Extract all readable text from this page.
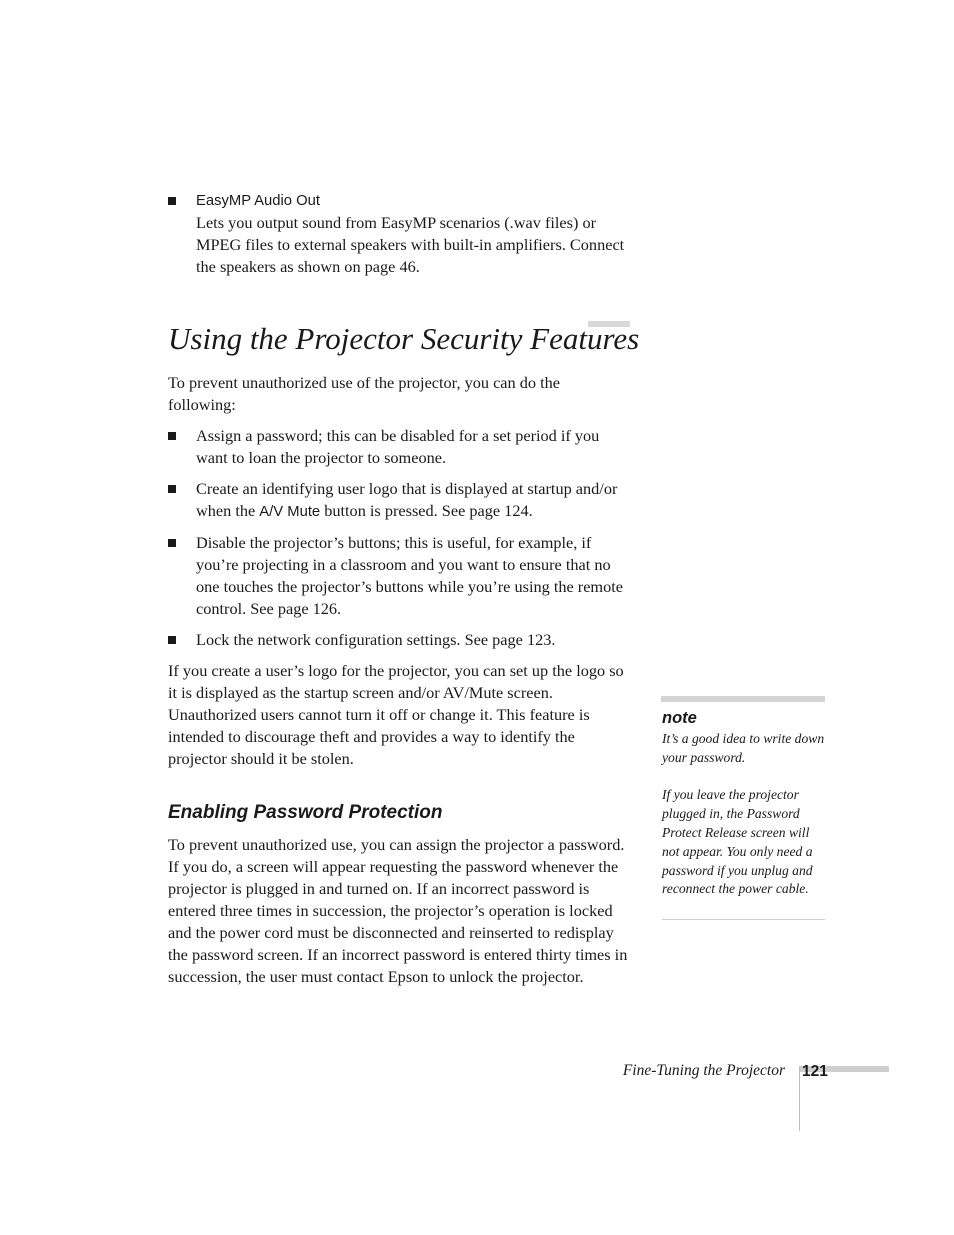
EasyMP Audio Out
Lets you output sound from EasyMP scenarios (.wav files) or MPEG files to external speakers with built-in amplifiers. Connect the speakers as shown on page 46.
Using the Projector Security Features

To prevent unauthorized use of the projector, you can do the following:

Assign a password; this can be disabled for a set period if you want to loan the projector to someone.
Create an identifying user logo that is displayed at startup and/or when the A/V Mute button is pressed. See page 124.
Disable the projector’s buttons; this is useful, for example, if you’re projecting in a classroom and you want to ensure that no one touches the projector’s buttons while you’re using the remote control. See page 126.
Lock the network configuration settings. See page 123.

If you create a user’s logo for the projector, you can set up the logo so it is displayed as the startup screen and/or AV/Mute screen. Unauthorized users cannot turn it off or change it. This feature is intended to discourage theft and provides a way to identify the projector should it be stolen.

Enabling Password Protection

To prevent unauthorized use, you can assign the projector a password. If you do, a screen will appear requesting the password whenever the projector is plugged in and turned on. If an incorrect password is entered three times in succession, the projector’s operation is locked and the power cord must be disconnected and reinserted to redisplay the password screen. If an incorrect password is entered thirty times in succession, the user must contact Epson to unlock the projector.

note
It’s a good idea to write down your password.
If you leave the projector plugged in, the Password Protect Release screen will not appear. You only need a password if you unplug and reconnect the power cable.
Fine-Tuning the Projector 121
